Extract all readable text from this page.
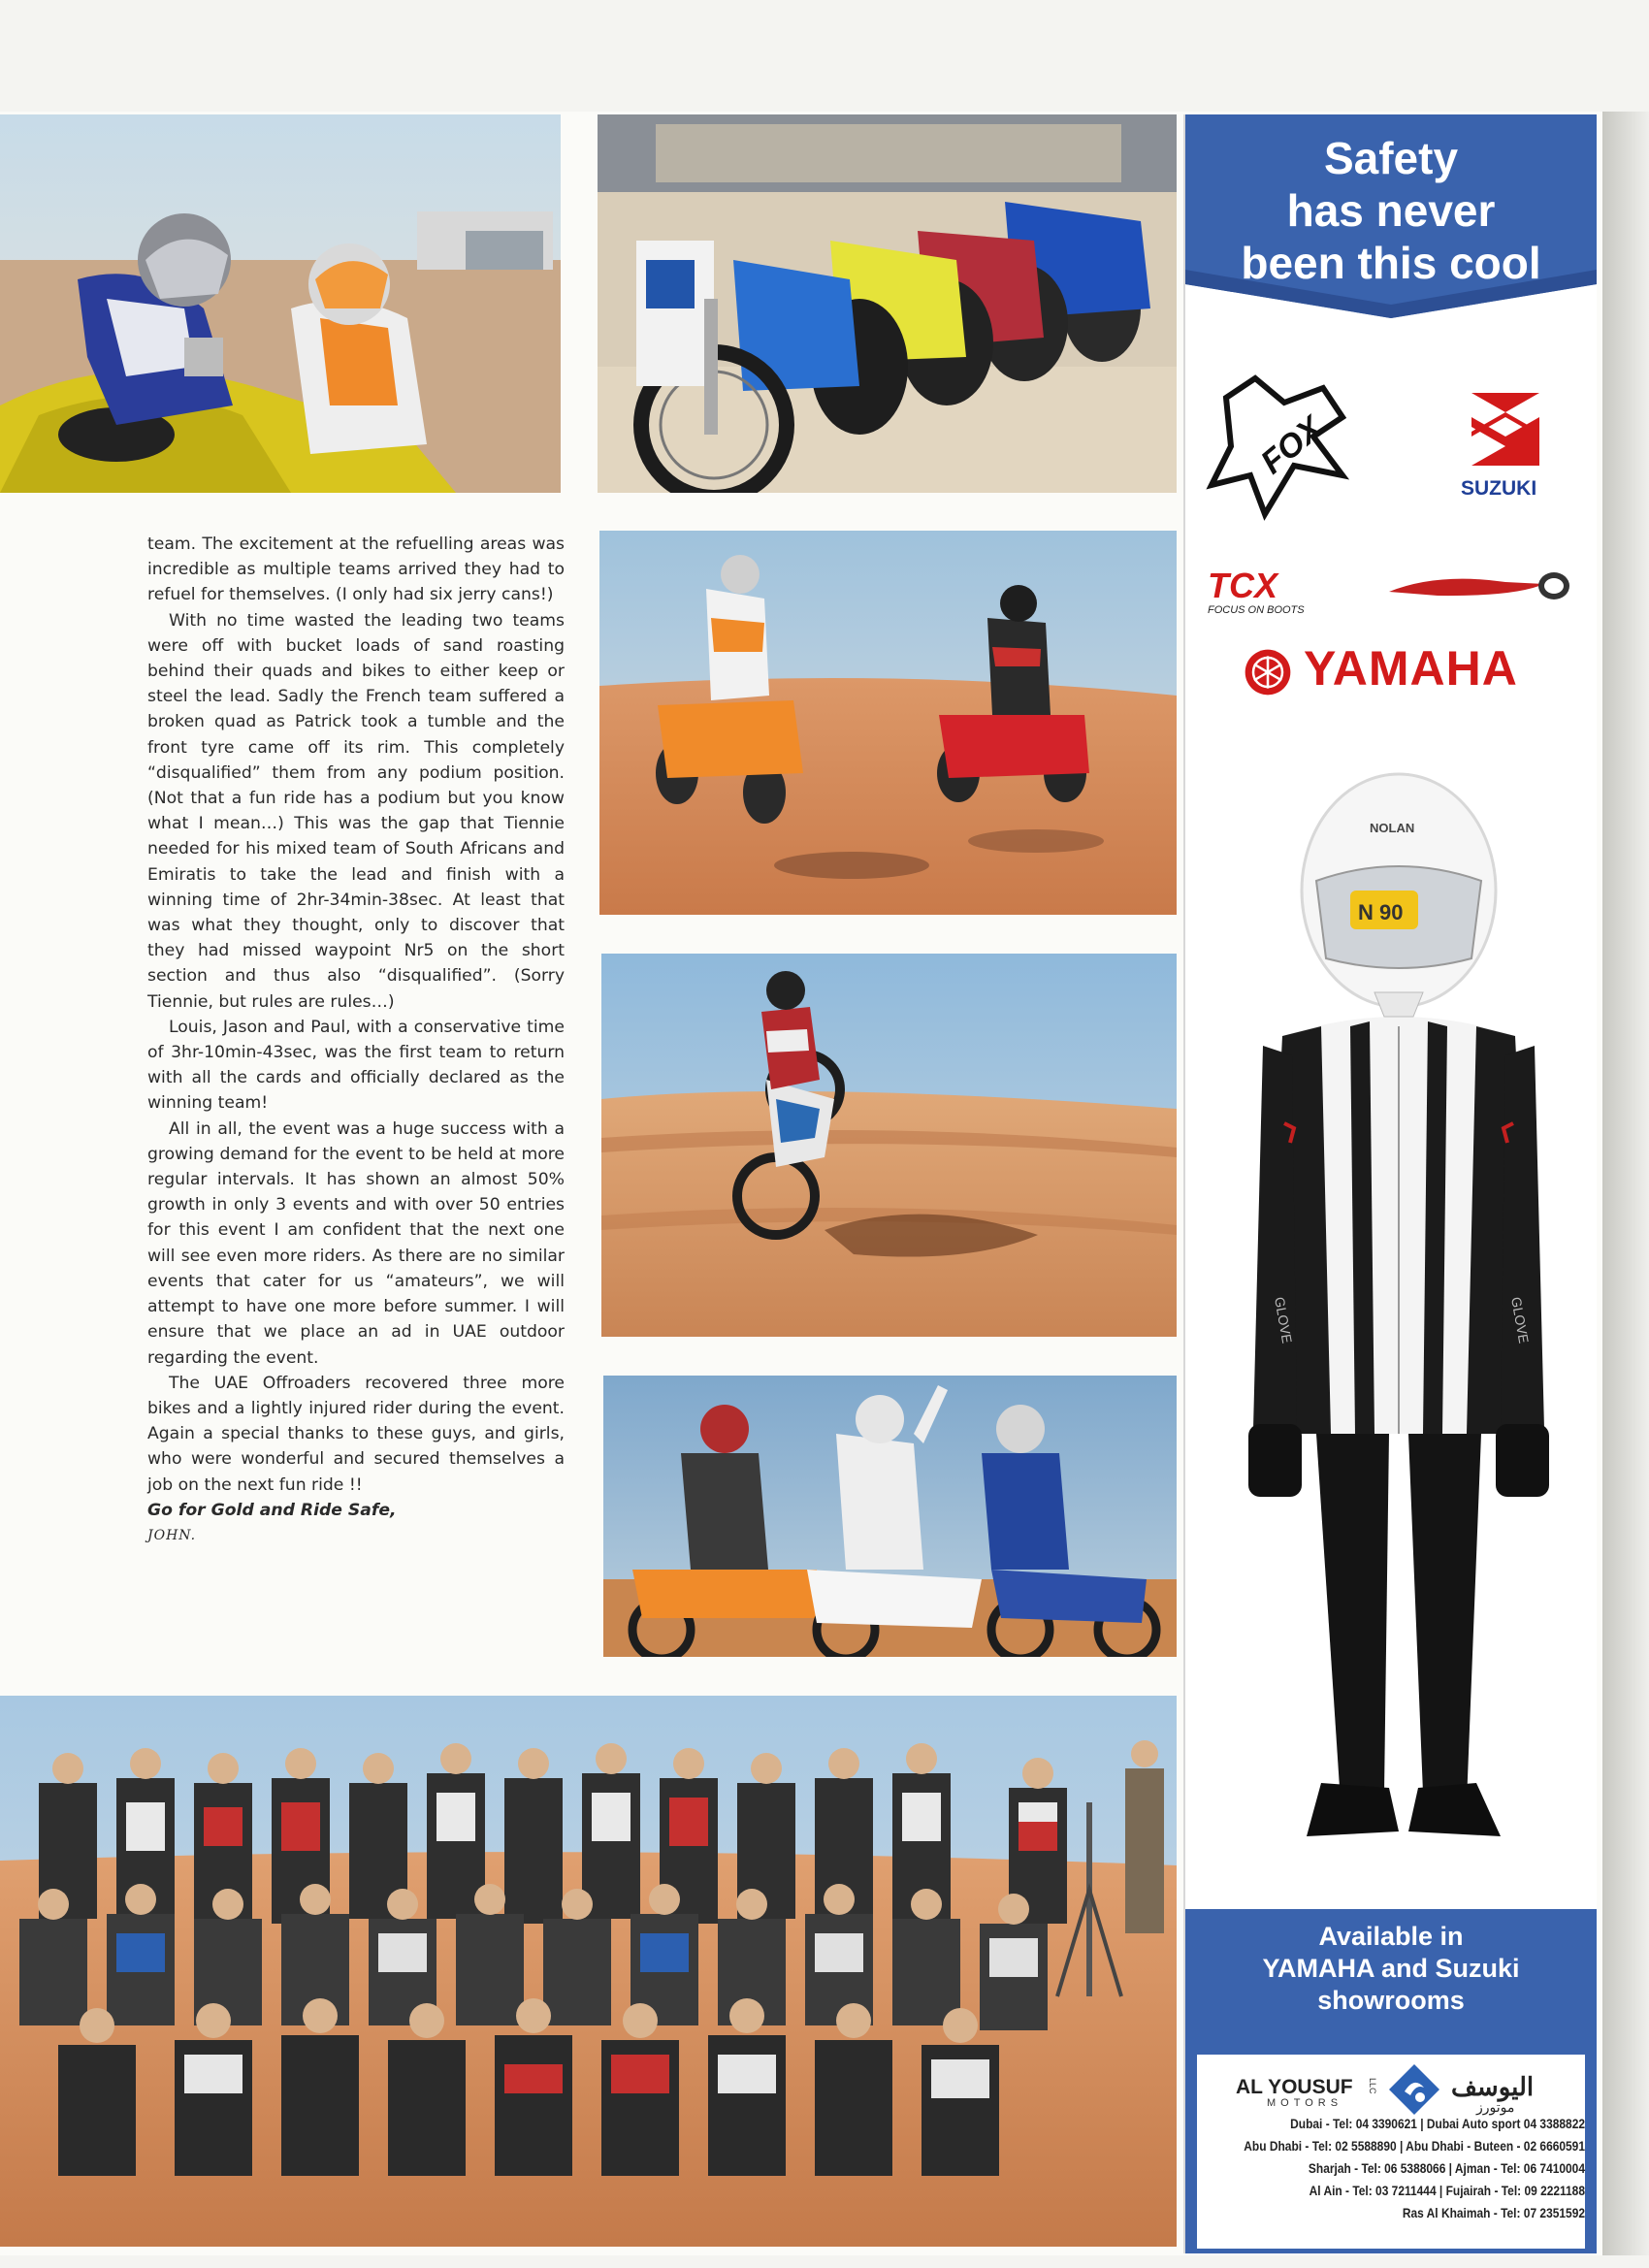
team. The excitement at the refuelling areas was incredible as multiple teams arrived they had to refuel for themselves. (I only had six jerry cans!)

With no time wasted the leading two teams were off with bucket loads of sand roasting behind their quads and bikes to either keep or steel the lead. Sadly the French team suffered a broken quad as Patrick took a tumble and the front tyre came off its rim. This completely “disqualified” them from any podium position. (Not that a fun ride has a podium but you know what I mean…) This was the gap that Tiennie needed for his mixed team of South Africans and Emiratis to take the lead and finish with a winning time of 2hr-34min-38sec. At least that was what they thought, only to discover that they had missed waypoint Nr5 on the short section and thus also “disqualified”. (Sorry Tiennie, but rules are rules…)

Louis, Jason and Paul, with a conservative time of 3hr-10min-43sec, was the first team to return with all the cards and officially declared as the winning team!

All in all, the event was a huge success with a growing demand for the event to be held at more regular intervals. It has shown an almost 50% growth in only 3 events and with over 50 entries for this event I am confident that the next one will see even more riders. As there are no similar events that cater for us “amateurs”, we will attempt to have one more before summer. I will ensure that we place an ad in UAE outdoor regarding the event.

The UAE Offroaders recovered three more bikes and a lightly injured rider during the event. Again a special thanks to these guys, and girls, who were wonderful and secured themselves a job on the next fun ride !!

Go for Gold and Ride Safe,

JOHN.

Safety
has never
been this cool
FOX
SUZUKI
TCX
FOCUS ON BOOTS
YAMAHA
GLOVE	GLOVE
N 90
NOLAN
Available in
YAMAHA and Suzuki
showrooms
AL YOUSUF
MOTORS
LLC	اليوسف
موتورز
Dubai - Tel: 04 3390621 | Dubai Auto sport 04 3388822
Abu Dhabi - Tel: 02 5588890 | Abu Dhabi - Buteen - 02 6660591
Sharjah - Tel: 06 5388066 | Ajman - Tel: 06 7410004
Al Ain - Tel: 03 7211444 | Fujairah - Tel: 09 2221188
Ras Al Khaimah - Tel: 07 2351592
